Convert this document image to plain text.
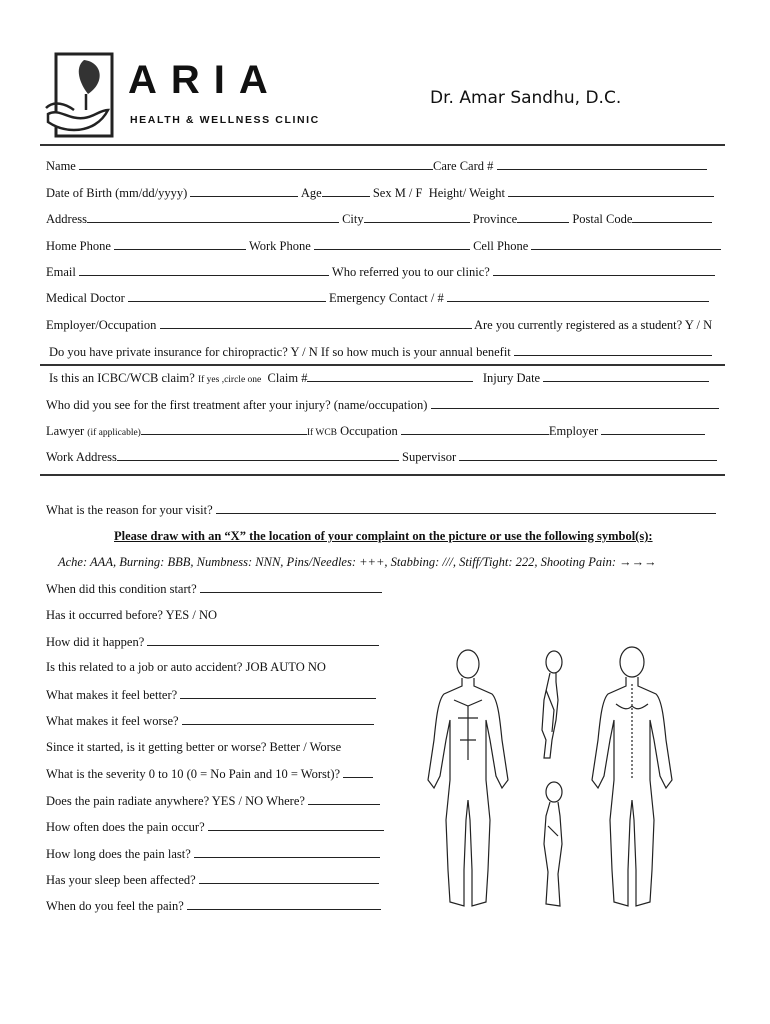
ARIA
HEALTH & WELLNESS CLINIC
Dr. Amar Sandhu, D.C.
Name	Care Card #
Date of Birth (mm/dd/yyyy)	Age	Sex M / F Height/ Weight
Address	City	Province	Postal Code
Home Phone	Work Phone	Cell Phone
Email	Who referred you to our clinic?
Medical Doctor	Emergency Contact / #
Employer/Occupation	Are you currently registered as a student? Y / N
Do you have private insurance for chiropractic? Y / N If so how much is your annual benefit
Is this an ICBC/WCB claim? If yes ,circle one Claim #	Injury Date
Who did you see for the first treatment after your injury? (name/occupation)
Lawyer (if applicable)	If WCB Occupation	Employer
Work Address	Supervisor
What is the reason for your visit?
Please draw with an “X” the location of your complaint on the picture or use the following symbol(s):
Ache: AAA, Burning: BBB, Numbness: NNN, Pins/Needles: +++, Stabbing: ///, Stiff/Tight: 222, Shooting Pain: →→→
When did this condition start?
Has it occurred before? YES / NO
How did it happen?
Is this related to a job or auto accident? JOB AUTO NO
What makes it feel better?
What makes it feel worse?
Since it started, is it getting better or worse? Better / Worse
What is the severity 0 to 10 (0 = No Pain and 10 = Worst)?
Does the pain radiate anywhere? YES / NO Where?
How often does the pain occur?
How long does the pain last?
Has your sleep been affected?
When do you feel the pain?
